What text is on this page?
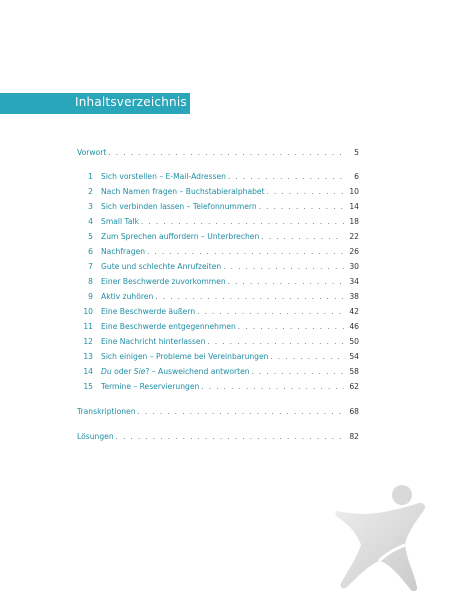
Inhaltsverzeichnis
Vorwort . . .	5
1	Sich vorstellen – E-Mail-Adressen . . .	6
2	Nach Namen fragen – Buchstabieralphabet . . .	10
3	Sich verbinden lassen – Telefonnummern . . .	14
4	Small Talk . . .	18
5	Zum Sprechen auffordern – Unterbrechen . . .	22
6	Nachfragen . . .	26
7	Gute und schlechte Anrufzeiten . . .	30
8	Einer Beschwerde zuvorkommen . . .	34
9	Aktiv zuhören . . .	38
10	Eine Beschwerde äußern . . .	42
11	Eine Beschwerde entgegennehmen . . .	46
12	Eine Nachricht hinterlassen . . .	50
13	Sich einigen – Probleme bei Vereinbarungen . . .	54
14	Du oder Sie? – Ausweichend antworten . . .	58
15	Termine – Reservierungen . . .	62
Transkriptionen . . .	68
Lösungen . . .	82
